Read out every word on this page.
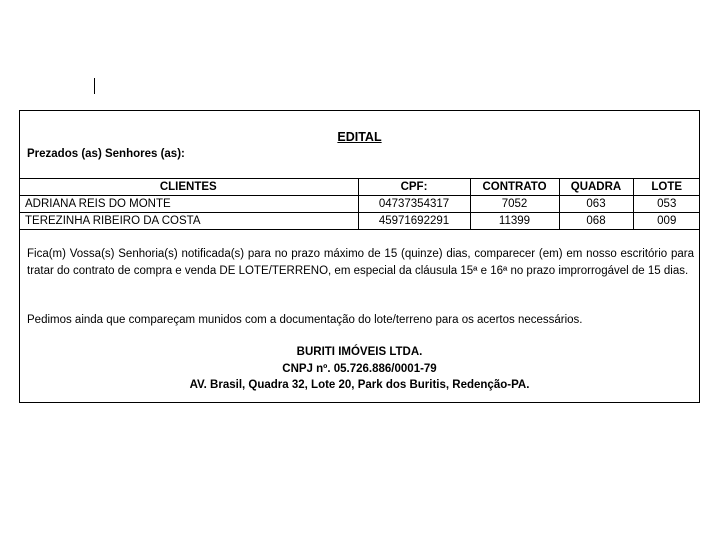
EDITAL
Prezados (as) Senhores (as):
CLIENTES	CPF:	CONTRATO	QUADRA	LOTE
ADRIANA REIS DO MONTE	04737354317	7052	063	053
TEREZINHA RIBEIRO DA COSTA	45971692291	11399	068	009
Fica(m) Vossa(s) Senhoria(s) notificada(s) para no prazo máximo de 15 (quinze) dias, comparecer (em) em nosso escritório para tratar do contrato de compra e venda DE LOTE/TERRENO, em especial da cláusula 15ª e 16ª no prazo improrrogável de 15 dias.
Pedimos ainda que compareçam munidos com a documentação do lote/terreno para os acertos necessários.
BURITI IMÓVEIS LTDA.
CNPJ nº. 05.726.886/0001-79
AV. Brasil, Quadra 32, Lote 20, Park dos Buritis, Redenção-PA.
